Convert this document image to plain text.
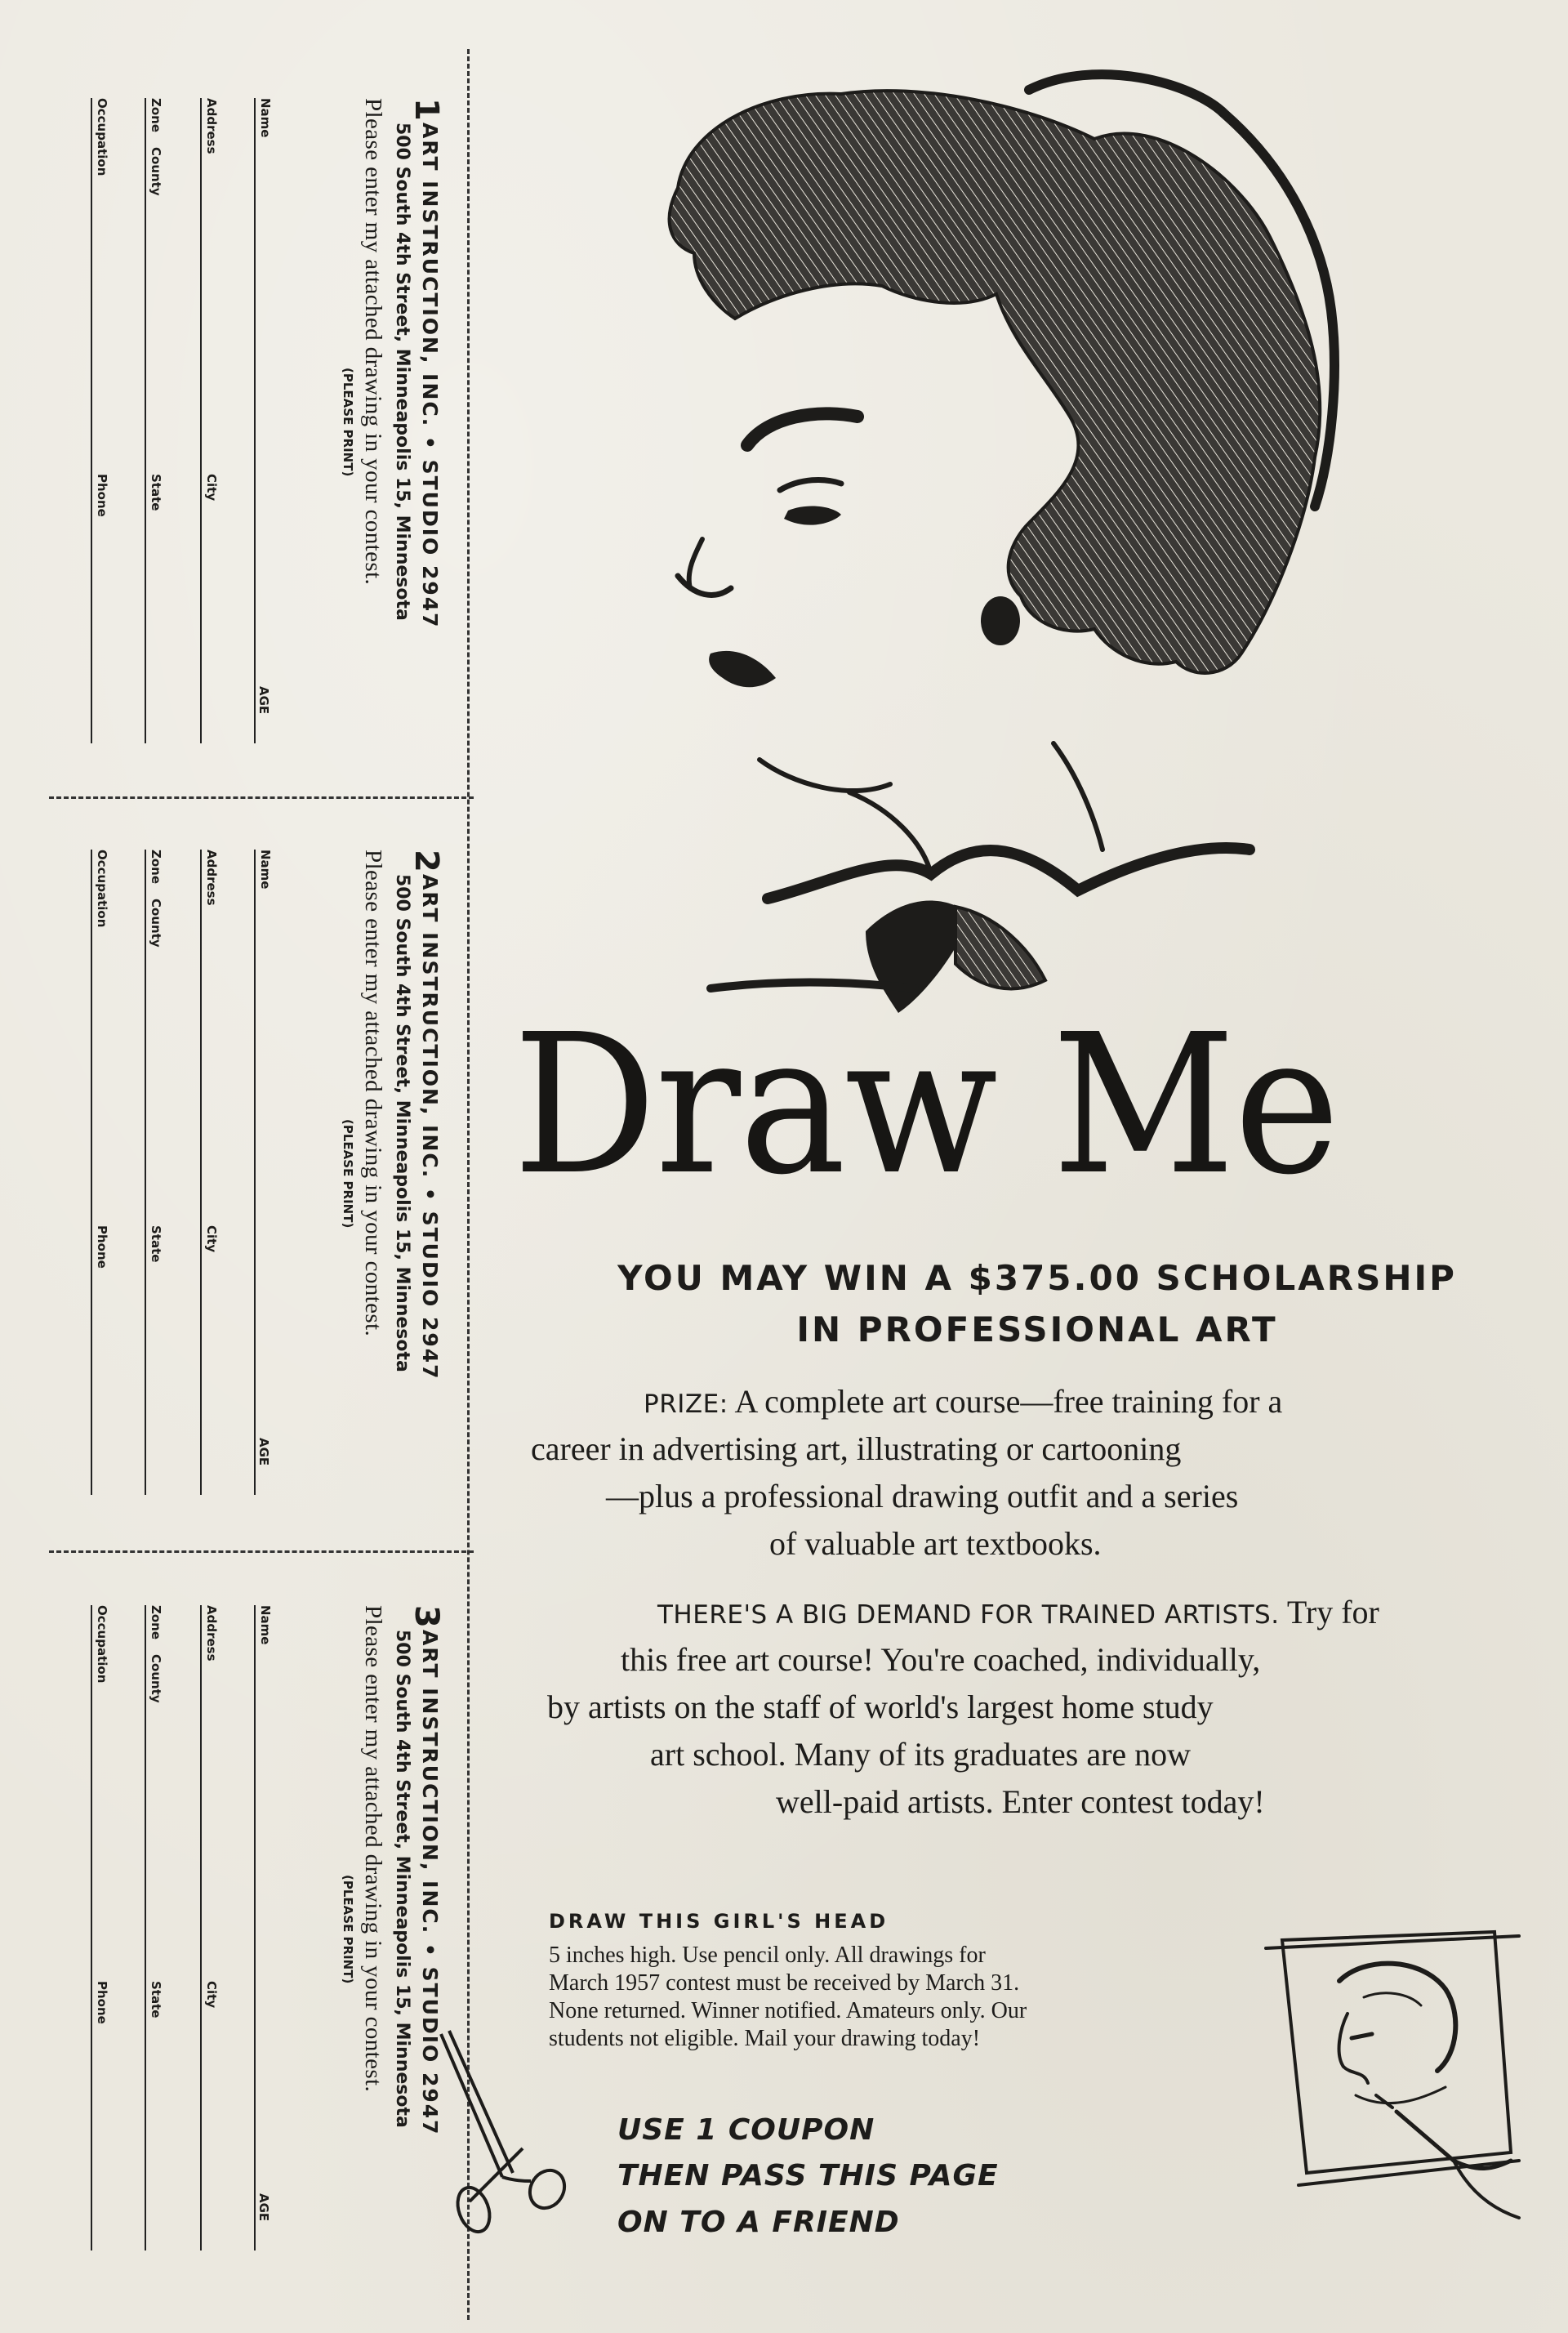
1
ART INSTRUCTION, INC. • STUDIO 2947
500 South 4th Street, Minneapolis 15, Minnesota
Please enter my attached drawing in your contest.
(PLEASE PRINT)
Name
AGE
Address
City
Zone
County
State
Occupation
Phone
2
ART INSTRUCTION, INC. • STUDIO 2947
500 South 4th Street, Minneapolis 15, Minnesota
Please enter my attached drawing in your contest.
(PLEASE PRINT)
Name
AGE
Address
City
Zone
County
State
Occupation
Phone
3
ART INSTRUCTION, INC. • STUDIO 2947
500 South 4th Street, Minneapolis 15, Minnesota
Please enter my attached drawing in your contest.
(PLEASE PRINT)
Name
AGE
Address
City
Zone
County
State
Occupation
Phone
Draw Me
YOU MAY WIN A $375.00 SCHOLARSHIP
IN PROFESSIONAL ART
PRIZE: A complete art course—free training for a
career in advertising art, illustrating or cartooning
—plus a professional drawing outfit and a series
of valuable art textbooks.
THERE'S A BIG DEMAND FOR TRAINED ARTISTS. Try for
this free art course! You're coached, individually,
by artists on the staff of world's largest home study
art school. Many of its graduates are now
well-paid artists. Enter contest today!
DRAW THIS GIRL'S HEAD
5 inches high. Use pencil only. All drawings for
March 1957 contest must be received by March 31.
None returned. Winner notified. Amateurs only. Our
students not eligible. Mail your drawing today!
USE 1 COUPON
THEN PASS THIS PAGE
ON TO A FRIEND
